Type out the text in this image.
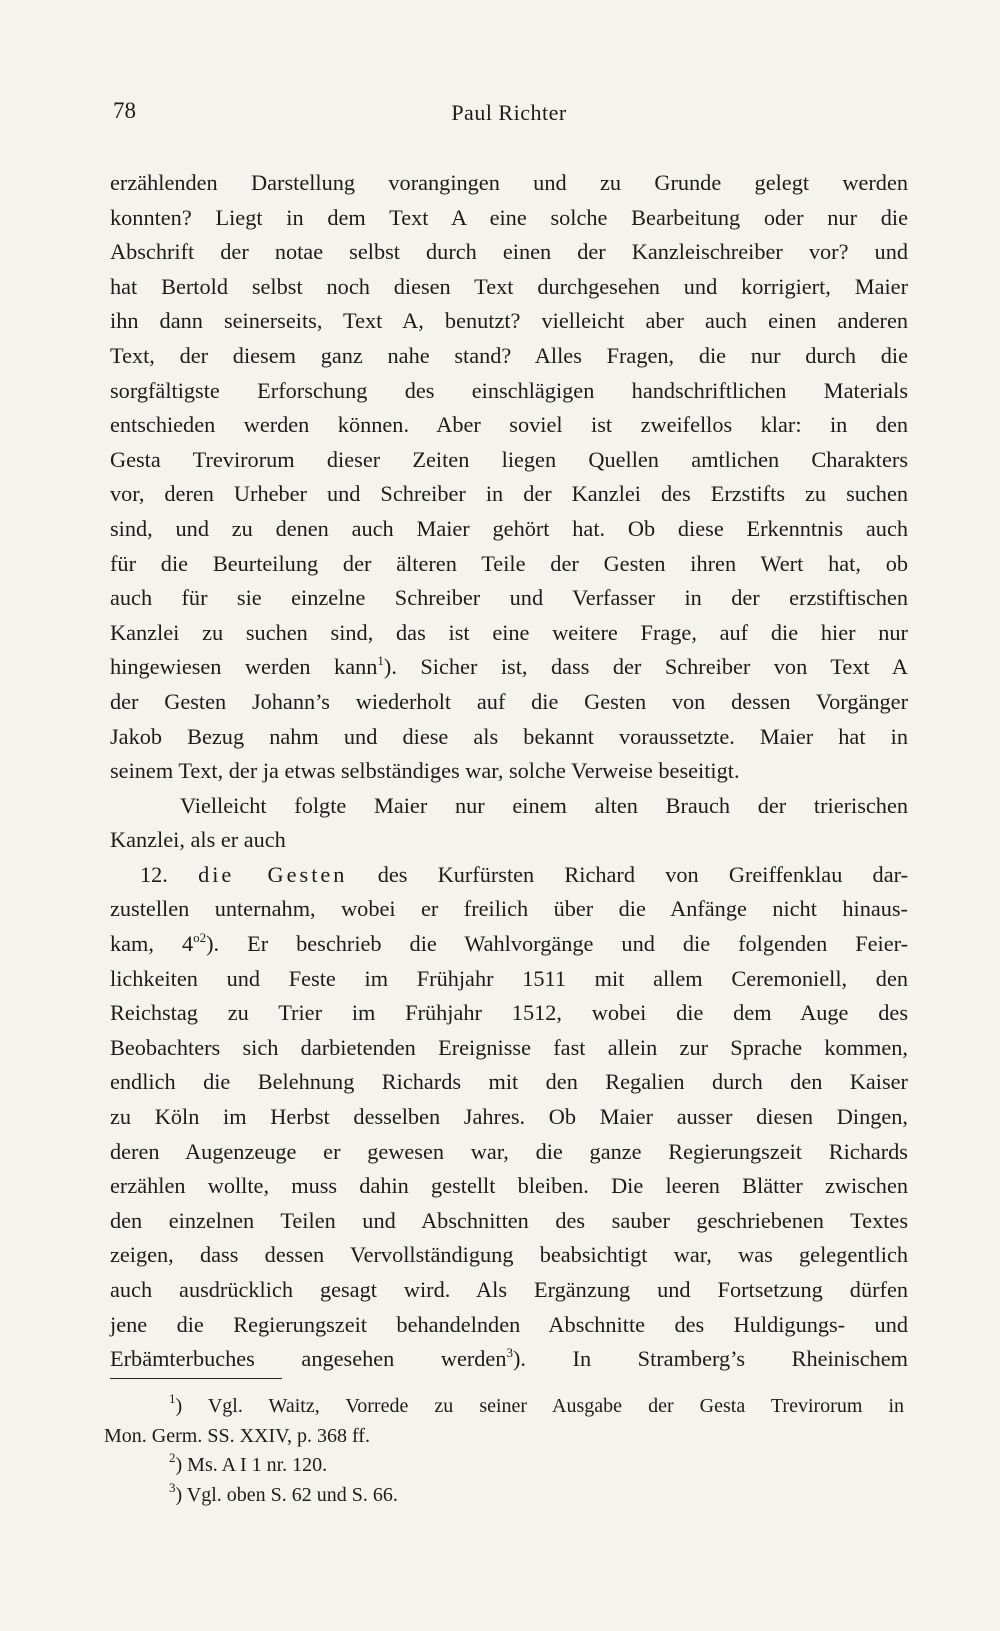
78	Paul Richter
erzählenden Darstellung vorangingen und zu Grunde gelegt werden
konnten? Liegt in dem Text A eine solche Bearbeitung oder nur die
Abschrift der notae selbst durch einen der Kanzleischreiber vor? und
hat Bertold selbst noch diesen Text durchgesehen und korrigiert, Maier
ihn dann seinerseits, Text A, benutzt? vielleicht aber auch einen anderen
Text, der diesem ganz nahe stand? Alles Fragen, die nur durch die
sorgfältigste Erforschung des einschlägigen handschriftlichen Materials
entschieden werden können. Aber soviel ist zweifellos klar: in den
Gesta Trevirorum dieser Zeiten liegen Quellen amtlichen Charakters
vor, deren Urheber und Schreiber in der Kanzlei des Erzstifts zu suchen
sind, und zu denen auch Maier gehört hat. Ob diese Erkenntnis auch
für die Beurteilung der älteren Teile der Gesten ihren Wert hat, ob
auch für sie einzelne Schreiber und Verfasser in der erzstiftischen
Kanzlei zu suchen sind, das ist eine weitere Frage, auf die hier nur
hingewiesen werden kann$^1$). Sicher ist, dass der Schreiber von Text A
der Gesten Johann’s wiederholt auf die Gesten von dessen Vorgänger
Jakob Bezug nahm und diese als bekannt voraussetzte. Maier hat in
seinem Text, der ja etwas selbständiges war, solche Verweise beseitigt.
Vielleicht folgte Maier nur einem alten Brauch der trierischen
Kanzlei, als er auch
12. die Gesten des Kurfürsten Richard von Greiffenklau dar-
zustellen unternahm, wobei er freilich über die Anfänge nicht hinaus-
kam, $4^{o2}$). Er beschrieb die Wahlvorgänge und die folgenden Feier-
lichkeiten und Feste im Frühjahr 1511 mit allem Ceremoniell, den
Reichstag zu Trier im Frühjahr 1512, wobei die dem Auge des
Beobachters sich darbietenden Ereignisse fast allein zur Sprache kommen,
endlich die Belehnung Richards mit den Regalien durch den Kaiser
zu Köln im Herbst desselben Jahres. Ob Maier ausser diesen Dingen,
deren Augenzeuge er gewesen war, die ganze Regierungszeit Richards
erzählen wollte, muss dahin gestellt bleiben. Die leeren Blätter zwischen
den einzelnen Teilen und Abschnitten des sauber geschriebenen Textes
zeigen, dass dessen Vervollständigung beabsichtigt war, was gelegentlich
auch ausdrücklich gesagt wird. Als Ergänzung und Fortsetzung dürfen
jene die Regierungszeit behandelnden Abschnitte des Huldigungs- und
Erbämterbuches angesehen werden$^3$). In Stramberg’s Rheinischem
$^1$) Vgl. Waitz, Vorrede zu seiner Ausgabe der Gesta Trevirorum in
Mon. Germ. SS. XXIV, p. 368 ff.
$^2$) Ms. A I 1 nr. 120.
$^3$) Vgl. oben S. 62 und S. 66.
